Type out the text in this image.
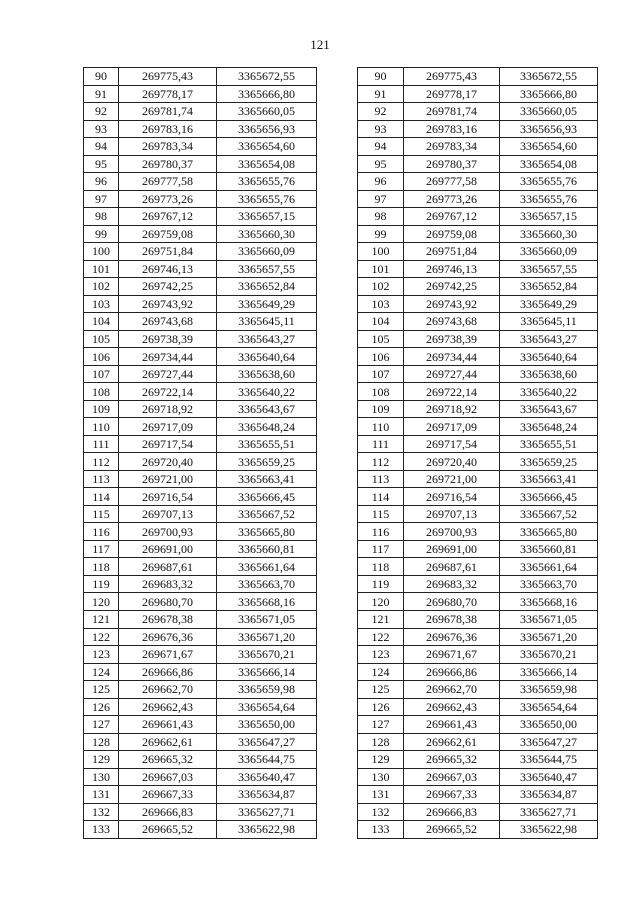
121
90	269775,43	3365672,55
91	269778,17	3365666,80
92	269781,74	3365660,05
93	269783,16	3365656,93
94	269783,34	3365654,60
95	269780,37	3365654,08
96	269777,58	3365655,76
97	269773,26	3365655,76
98	269767,12	3365657,15
99	269759,08	3365660,30
100	269751,84	3365660,09
101	269746,13	3365657,55
102	269742,25	3365652,84
103	269743,92	3365649,29
104	269743,68	3365645,11
105	269738,39	3365643,27
106	269734,44	3365640,64
107	269727,44	3365638,60
108	269722,14	3365640,22
109	269718,92	3365643,67
110	269717,09	3365648,24
111	269717,54	3365655,51
112	269720,40	3365659,25
113	269721,00	3365663,41
114	269716,54	3365666,45
115	269707,13	3365667,52
116	269700,93	3365665,80
117	269691,00	3365660,81
118	269687,61	3365661,64
119	269683,32	3365663,70
120	269680,70	3365668,16
121	269678,38	3365671,05
122	269676,36	3365671,20
123	269671,67	3365670,21
124	269666,86	3365666,14
125	269662,70	3365659,98
126	269662,43	3365654,64
127	269661,43	3365650,00
128	269662,61	3365647,27
129	269665,32	3365644,75
130	269667,03	3365640,47
131	269667,33	3365634,87
132	269666,83	3365627,71
133	269665,52	3365622,98
90	269775,43	3365672,55
91	269778,17	3365666,80
92	269781,74	3365660,05
93	269783,16	3365656,93
94	269783,34	3365654,60
95	269780,37	3365654,08
96	269777,58	3365655,76
97	269773,26	3365655,76
98	269767,12	3365657,15
99	269759,08	3365660,30
100	269751,84	3365660,09
101	269746,13	3365657,55
102	269742,25	3365652,84
103	269743,92	3365649,29
104	269743,68	3365645,11
105	269738,39	3365643,27
106	269734,44	3365640,64
107	269727,44	3365638,60
108	269722,14	3365640,22
109	269718,92	3365643,67
110	269717,09	3365648,24
111	269717,54	3365655,51
112	269720,40	3365659,25
113	269721,00	3365663,41
114	269716,54	3365666,45
115	269707,13	3365667,52
116	269700,93	3365665,80
117	269691,00	3365660,81
118	269687,61	3365661,64
119	269683,32	3365663,70
120	269680,70	3365668,16
121	269678,38	3365671,05
122	269676,36	3365671,20
123	269671,67	3365670,21
124	269666,86	3365666,14
125	269662,70	3365659,98
126	269662,43	3365654,64
127	269661,43	3365650,00
128	269662,61	3365647,27
129	269665,32	3365644,75
130	269667,03	3365640,47
131	269667,33	3365634,87
132	269666,83	3365627,71
133	269665,52	3365622,98
